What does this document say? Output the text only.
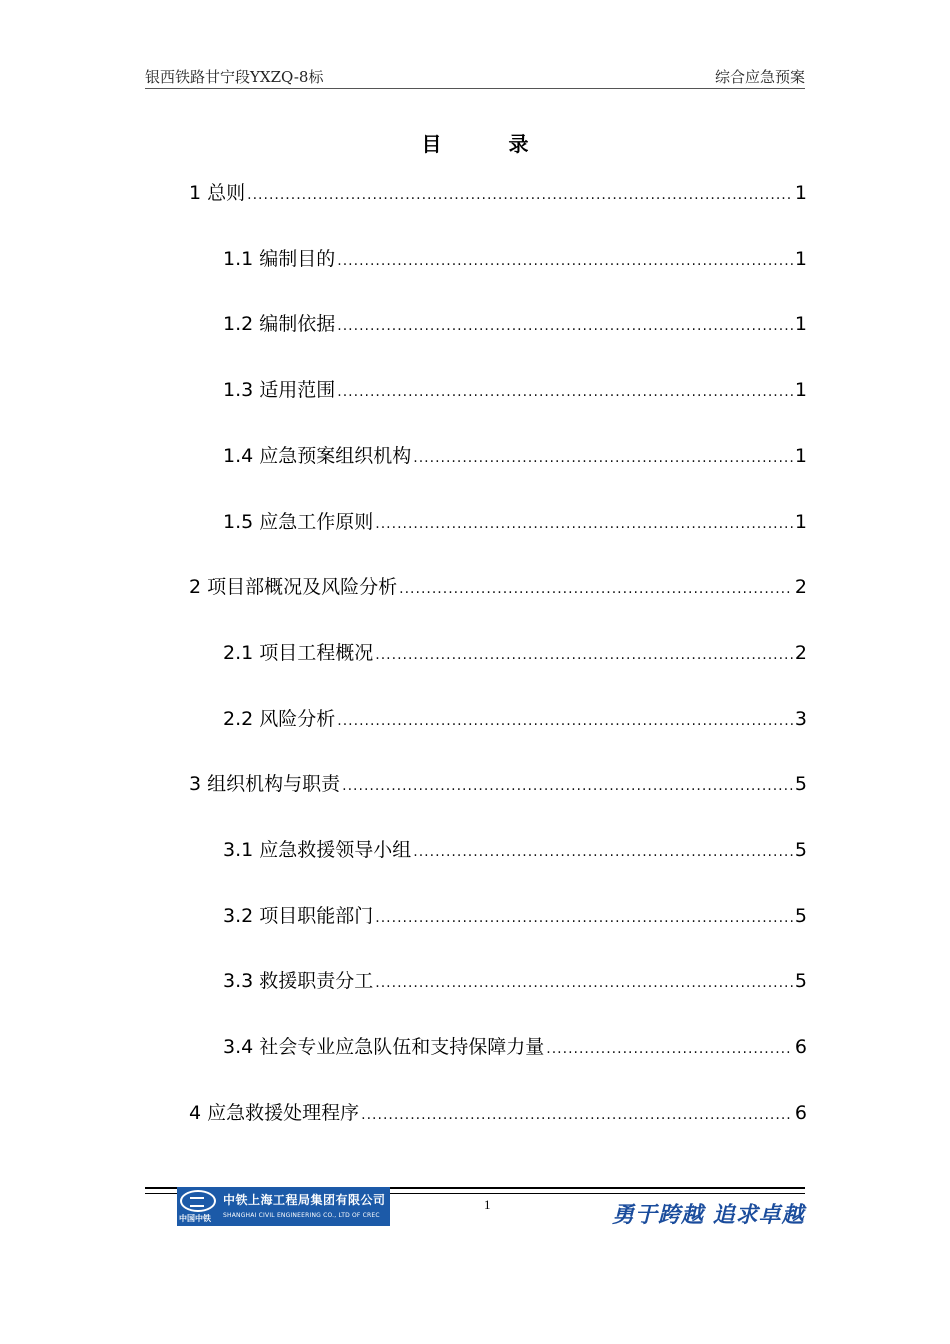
银西铁路甘宁段YXZQ-8标	综合应急预案
目 录
1 总则 .....	1
1.1 编制目的 .....	1
1.2 编制依据 .....	1
1.3 适用范围 .....	1
1.4 应急预案组织机构 .....	1
1.5 应急工作原则 .....	1
2 项目部概况及风险分析 .....	2
2.1 项目工程概况 .....	2
2.2 风险分析 .....	3
3 组织机构与职责 .....	5
3.1 应急救援领导小组 .....	5
3.2 项目职能部门 .....	5
3.3 救援职责分工 .....	5
3.4 社会专业应急队伍和支持保障力量 .....	6
4 应急救援处理程序 .....	6
中国中铁
中铁上海工程局集团有限公司
SHANGHAI CIVIL ENGINEERING CO., LTD OF CREC
1	勇于跨越 追求卓越
